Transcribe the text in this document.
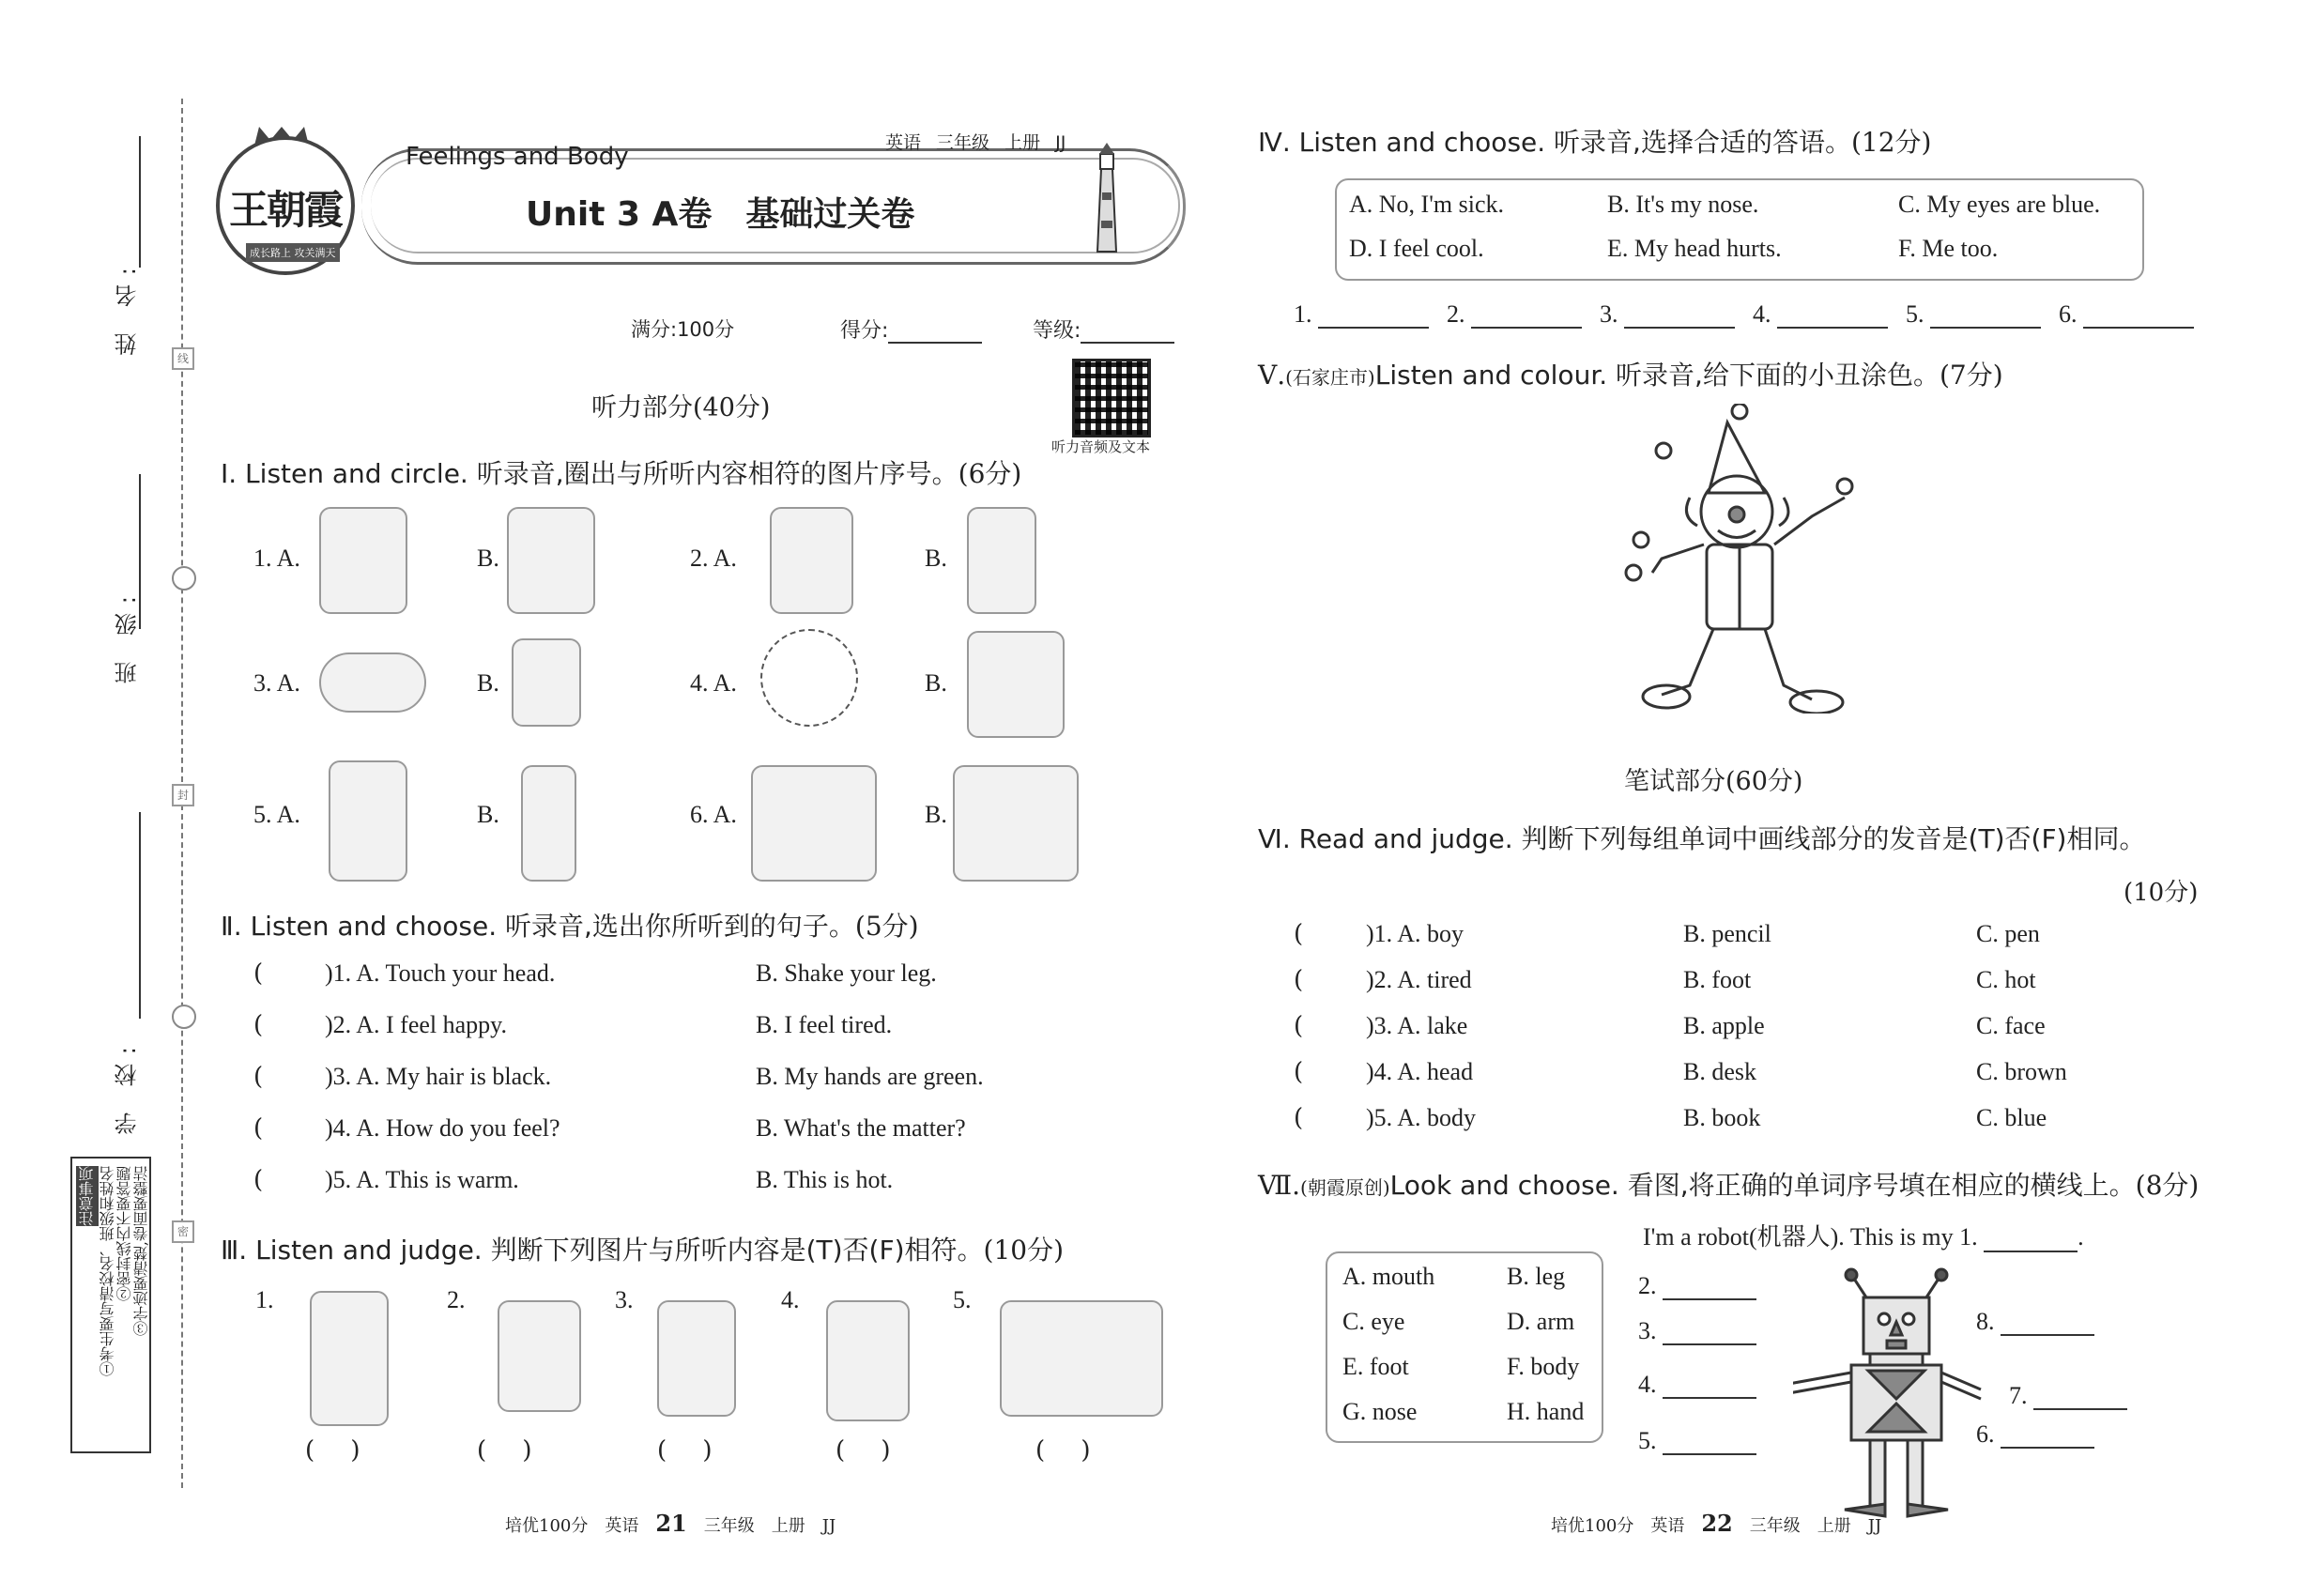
姓 名:
班 级:
学 校:
线
封
密
注意事项 ①考生要写清校名、班级和姓名 ②密封线内不要答题 ③字迹要清楚,卷面要整洁
王朝霞
成长路上 攻关满天
Feelings and Body	英语 三年级 上册 JJ
Unit 3 A卷　基础过关卷
满分:100分	得分:	等级:
听力音频及文本
听力部分(40分)
Ⅰ. Listen and circle. 听录音,圈出与所听内容相符的图片序号。(6分)
1. A.	B.	2. A.	B.
3. A.	B.	4. A.	B.
5. A.	B.	6. A.	B.
Ⅱ. Listen and choose. 听录音,选出你所听到的句子。(5分)
(	)1. A. Touch your head.	B. Shake your leg.
(	)2. A. I feel happy.	B. I feel tired.
(	)3. A. My hair is black.	B. My hands are green.
(	)4. A. How do you feel?	B. What's the matter?
(	)5. A. This is warm.	B. This is hot.
Ⅲ. Listen and judge. 判断下列图片与所听内容是(T)否(F)相符。(10分)
1.
( )
2.
( )
3.
( )
4.
( )
5.
( )
培优100分　英语 21 三年级　上册　JJ
Ⅳ. Listen and choose. 听录音,选择合适的答语。(12分)
A. No, I'm sick.	B. It's my nose.	C. My eyes are blue.
D. I feel cool.	E. My head hurts.	F. Me too.
1.	2.	3.	4.	5.	6.
Ⅴ.(石家庄市)Listen and colour. 听录音,给下面的小丑涂色。(7分)
笔试部分(60分)
Ⅵ. Read and judge. 判断下列每组单词中画线部分的发音是(T)否(F)相同。
(10分)
(	)1. A. boy	B. pencil	C. pen
(	)2. A. tired	B. foot	C. hot
(	)3. A. lake	B. apple	C. face
(	)4. A. head	B. desk	C. brown
(	)5. A. body	B. book	C. blue
Ⅶ.(朝霞原创)Look and choose. 看图,将正确的单词序号填在相应的横线上。(8分)
I'm a robot(机器人). This is my 1.	.
A. mouth	B. leg
C. eye	D. arm
E. foot	F. body
G. nose	H. hand
2.
3.
4.
5.	6.
7.
8.
培优100分　英语 22 三年级　上册　JJ
